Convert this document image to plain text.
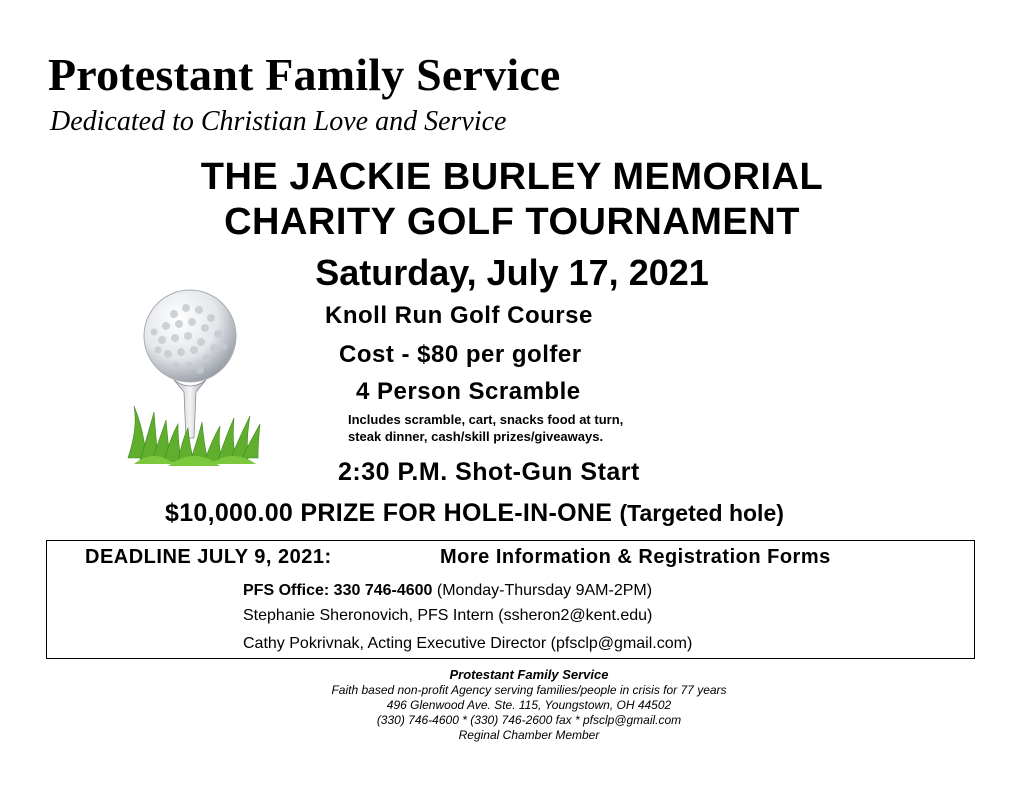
Protestant Family Service
Dedicated to Christian Love and Service
THE JACKIE BURLEY MEMORIAL
CHARITY GOLF TOURNAMENT
Saturday, July 17, 2021
Knoll Run Golf Course
Cost - $80 per golfer
4 Person Scramble
Includes scramble, cart, snacks food at turn,
steak dinner, cash/skill prizes/giveaways.
2:30 P.M. Shot-Gun Start
$10,000.00 PRIZE FOR HOLE-IN-ONE (Targeted hole)
DEADLINE JULY 9, 2021:	More Information & Registration Forms
PFS Office: 330 746-4600 (Monday-Thursday 9AM-2PM)
Stephanie Sheronovich, PFS Intern (ssheron2@kent.edu)
Cathy Pokrivnak, Acting Executive Director (pfsclp@gmail.com)
Protestant Family Service
Faith based non-profit Agency serving families/people in crisis for 77 years
496 Glenwood Ave. Ste. 115, Youngstown, OH 44502
(330) 746-4600 * (330) 746-2600 fax * pfsclp@gmail.com
Reginal Chamber Member
